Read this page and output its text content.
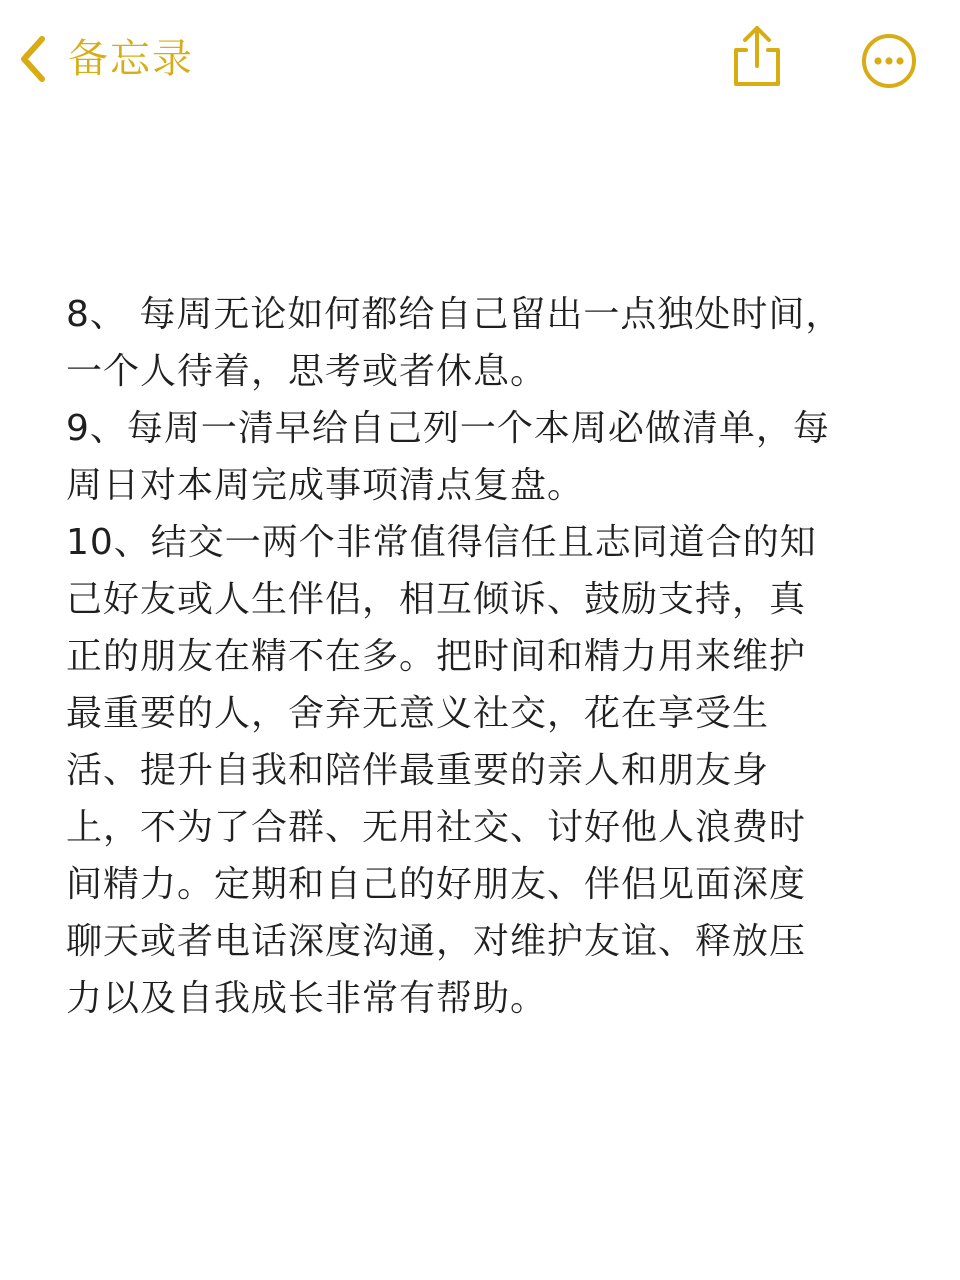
备忘录

8、 每周无论如何都给自己留出一点独处时间，
一个人待着，思考或者休息。

9、每周一清早给自己列一个本周必做清单，每
周日对本周完成事项清点复盘。

10、结交一两个非常值得信任且志同道合的知
己好友或人生伴侣，相互倾诉、鼓励支持，真
正的朋友在精不在多。把时间和精力用来维护
最重要的人，舍弃无意义社交，花在享受生
活、提升自我和陪伴最重要的亲人和朋友身
上，不为了合群、无用社交、讨好他人浪费时
间精力。定期和自己的好朋友、伴侣见面深度
聊天或者电话深度沟通，对维护友谊、释放压
力以及自我成长非常有帮助。
